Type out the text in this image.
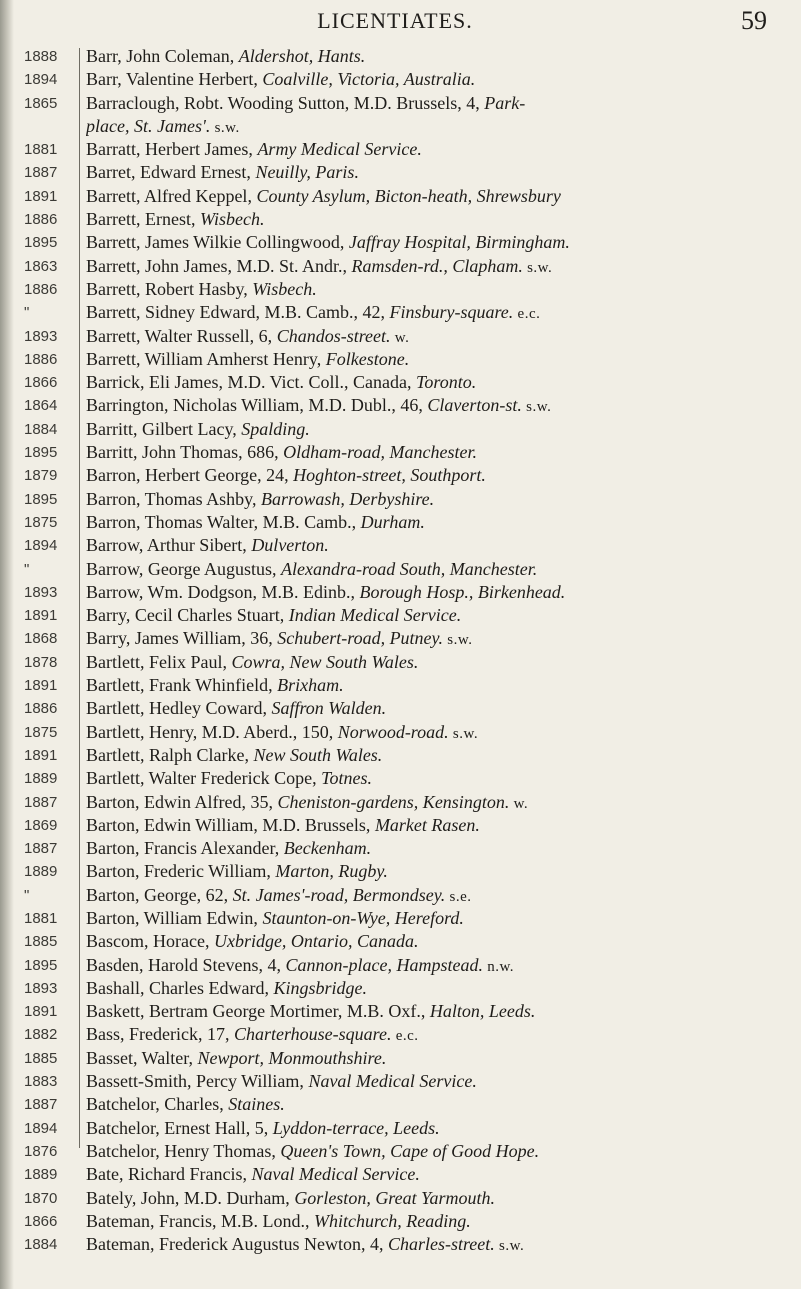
LICENTIATES.	59
1888
1894
1865
1881
1887
1891
1886
1895
1863
1886
"
1893
1886
1866
1864
1884
1895
1879
1895
1875
1894
"
1893
1891
1868
1878
1891
1886
1875
1891
1889
1887
1869
1887
1889
"
1881
1885
1895
1893
1891
1882
1885
1883
1887
1894
1876
1889
1870
1866
1884
Barr, John Coleman, Aldershot, Hants.
Barr, Valentine Herbert, Coalville, Victoria, Australia.
Barraclough, Robt. Wooding Sutton, M.D. Brussels, 4, Park-
place, St. James'. s.w.
Barratt, Herbert James, Army Medical Service.
Barret, Edward Ernest, Neuilly, Paris.
Barrett, Alfred Keppel, County Asylum, Bicton-heath, Shrewsbury
Barrett, Ernest, Wisbech.
Barrett, James Wilkie Collingwood, Jaffray Hospital, Birmingham.
Barrett, John James, M.D. St. Andr., Ramsden-rd., Clapham. s.w.
Barrett, Robert Hasby, Wisbech.
Barrett, Sidney Edward, M.B. Camb., 42, Finsbury-square. e.c.
Barrett, Walter Russell, 6, Chandos-street. w.
Barrett, William Amherst Henry, Folkestone.
Barrick, Eli James, M.D. Vict. Coll., Canada, Toronto.
Barrington, Nicholas William, M.D. Dubl., 46, Claverton-st. s.w.
Barritt, Gilbert Lacy, Spalding.
Barritt, John Thomas, 686, Oldham-road, Manchester.
Barron, Herbert George, 24, Hoghton-street, Southport.
Barron, Thomas Ashby, Barrowash, Derbyshire.
Barron, Thomas Walter, M.B. Camb., Durham.
Barrow, Arthur Sibert, Dulverton.
Barrow, George Augustus, Alexandra-road South, Manchester.
Barrow, Wm. Dodgson, M.B. Edinb., Borough Hosp., Birkenhead.
Barry, Cecil Charles Stuart, Indian Medical Service.
Barry, James William, 36, Schubert-road, Putney. s.w.
Bartlett, Felix Paul, Cowra, New South Wales.
Bartlett, Frank Whinfield, Brixham.
Bartlett, Hedley Coward, Saffron Walden.
Bartlett, Henry, M.D. Aberd., 150, Norwood-road. s.w.
Bartlett, Ralph Clarke, New South Wales.
Bartlett, Walter Frederick Cope, Totnes.
Barton, Edwin Alfred, 35, Cheniston-gardens, Kensington. w.
Barton, Edwin William, M.D. Brussels, Market Rasen.
Barton, Francis Alexander, Beckenham.
Barton, Frederic William, Marton, Rugby.
Barton, George, 62, St. James'-road, Bermondsey. s.e.
Barton, William Edwin, Staunton-on-Wye, Hereford.
Bascom, Horace, Uxbridge, Ontario, Canada.
Basden, Harold Stevens, 4, Cannon-place, Hampstead. n.w.
Bashall, Charles Edward, Kingsbridge.
Baskett, Bertram George Mortimer, M.B. Oxf., Halton, Leeds.
Bass, Frederick, 17, Charterhouse-square. e.c.
Basset, Walter, Newport, Monmouthshire.
Bassett-Smith, Percy William, Naval Medical Service.
Batchelor, Charles, Staines.
Batchelor, Ernest Hall, 5, Lyddon-terrace, Leeds.
Batchelor, Henry Thomas, Queen's Town, Cape of Good Hope.
Bate, Richard Francis, Naval Medical Service.
Bately, John, M.D. Durham, Gorleston, Great Yarmouth.
Bateman, Francis, M.B. Lond., Whitchurch, Reading.
Bateman, Frederick Augustus Newton, 4, Charles-street. s.w.
